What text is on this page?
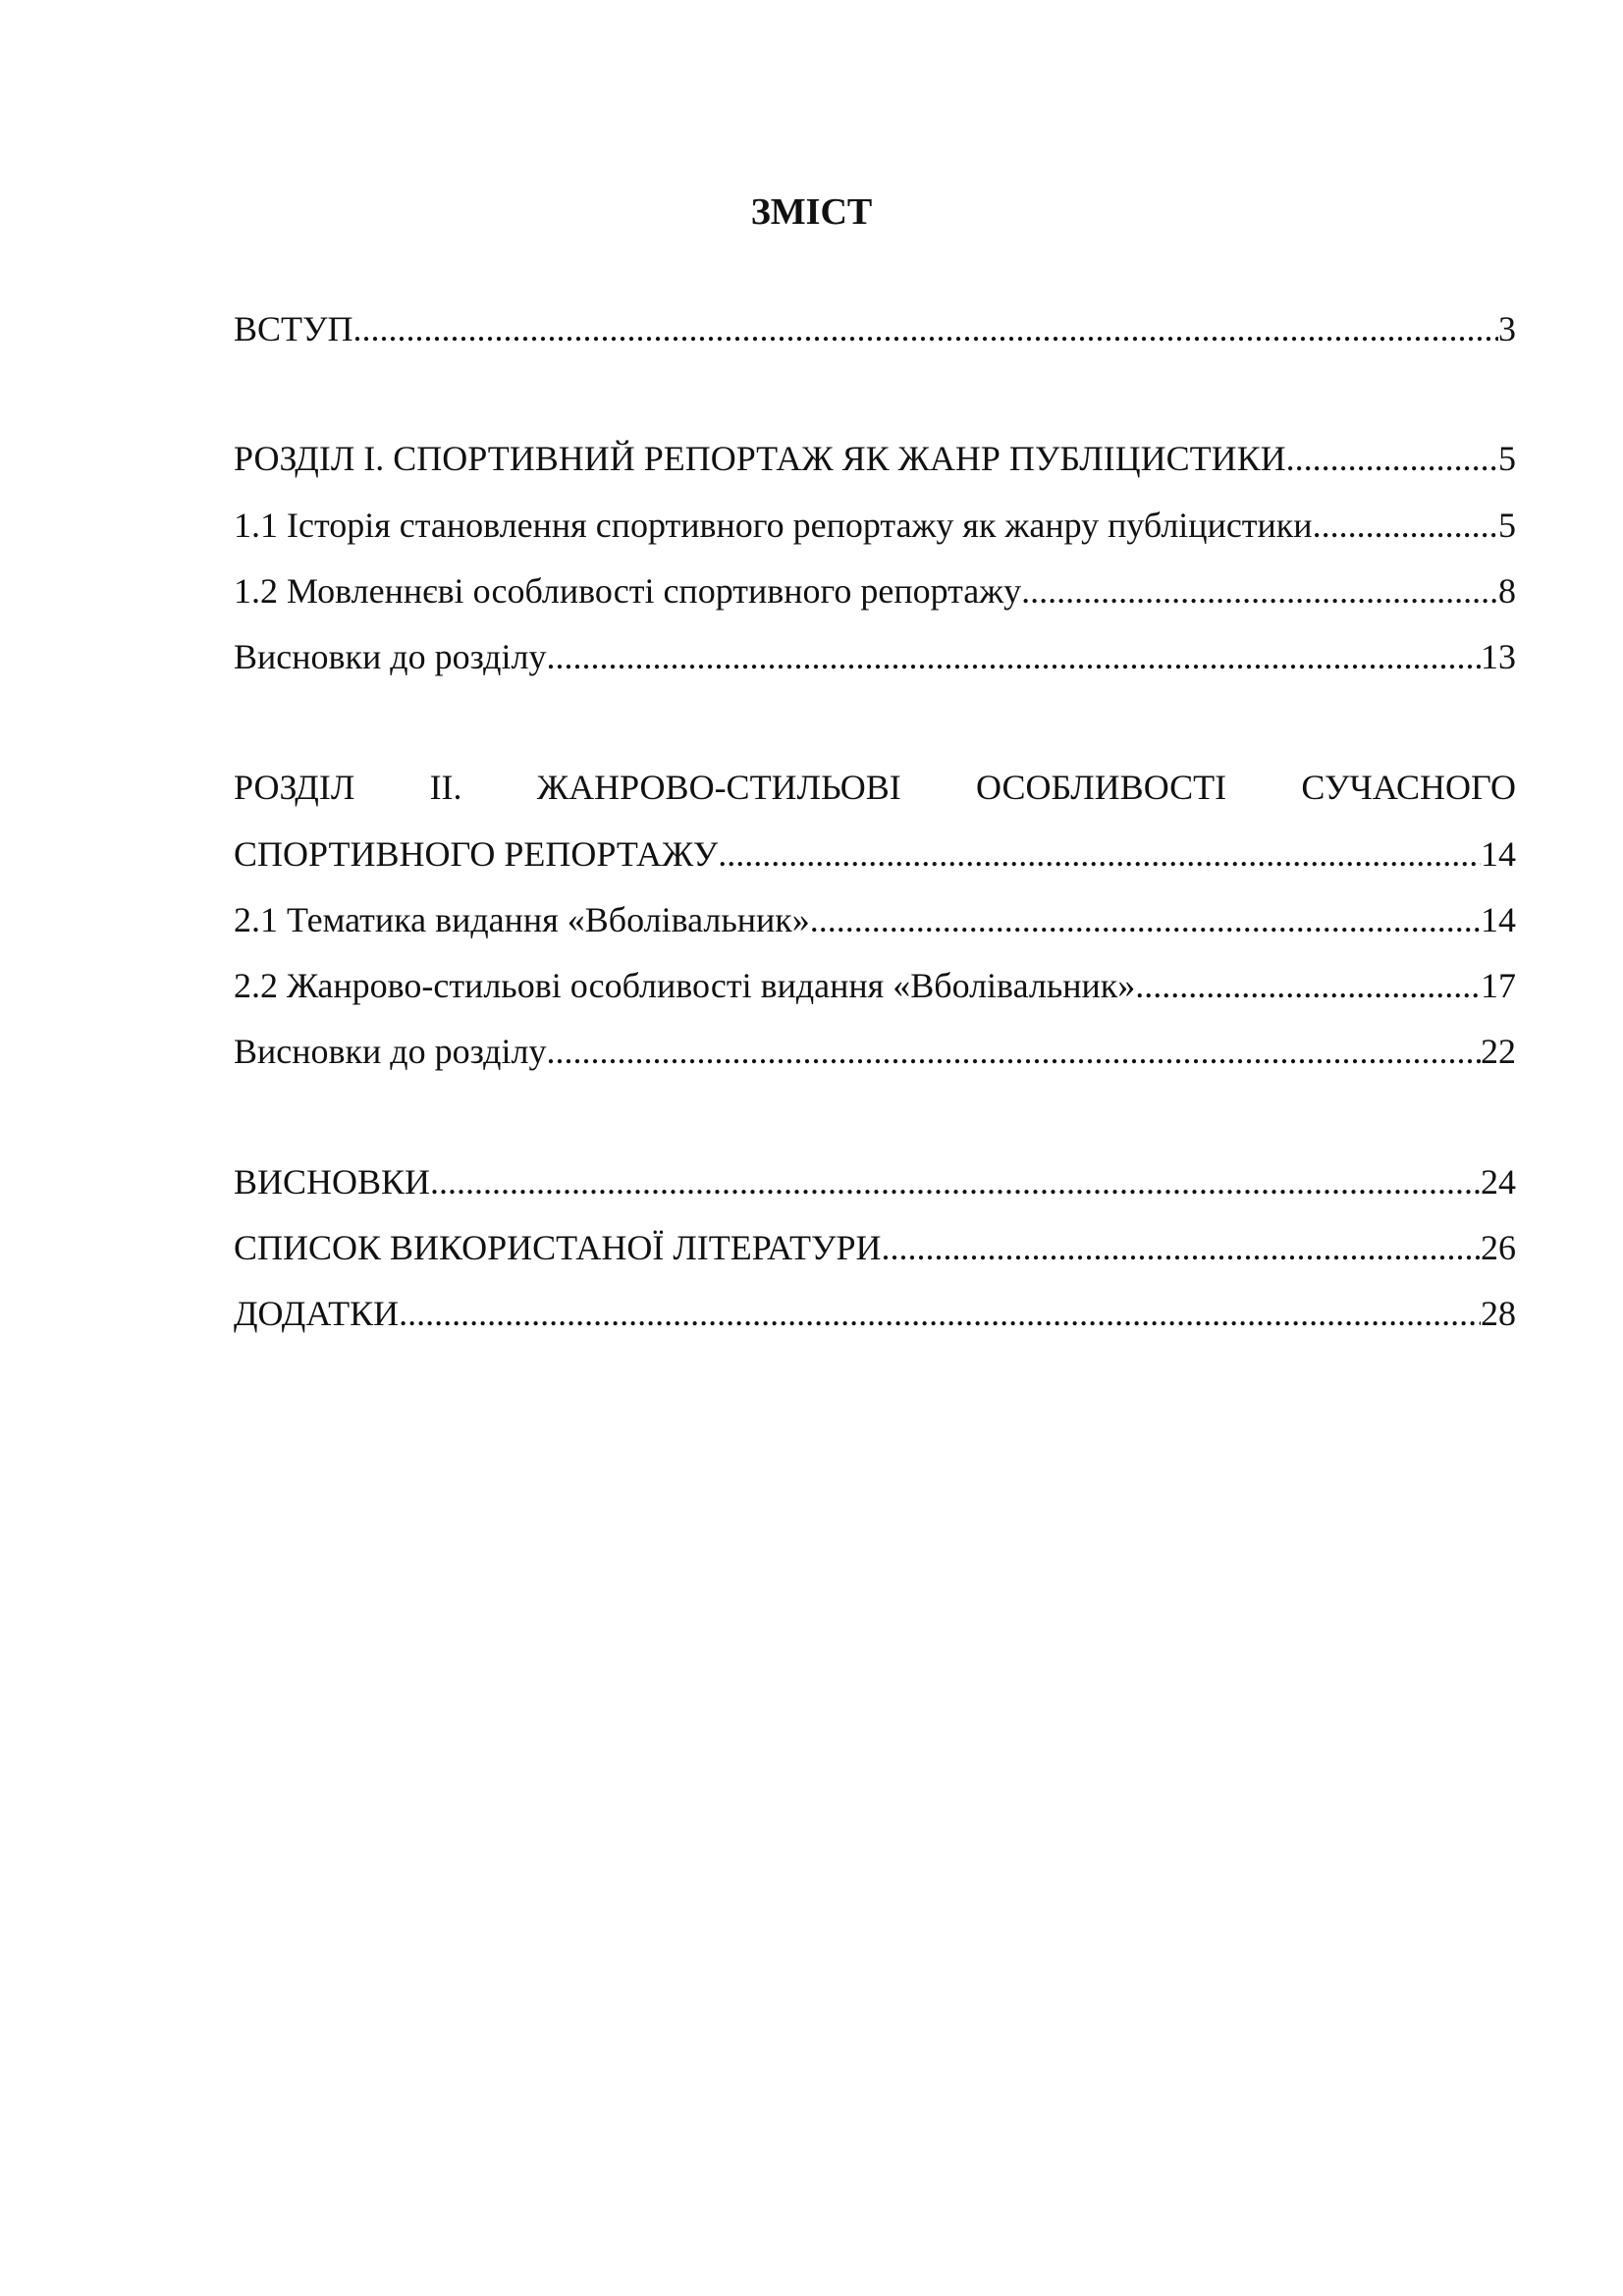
ЗМІСТ
ВСТУП .....	3
РОЗДІЛ І. СПОРТИВНИЙ РЕПОРТАЖ ЯК ЖАНР ПУБЛІЦИСТИКИ .....	5
1.1 Історія становлення спортивного репортажу як жанру публіцистики .....	5
1.2 Мовленнєві особливості спортивного репортажу .....	8
Висновки до розділу .....	13
РОЗДІЛ ІІ. ЖАНРОВО-СТИЛЬОВІ ОСОБЛИВОСТІ СУЧАСНОГО
СПОРТИВНОГО РЕПОРТАЖУ .....	14
2.1 Тематика видання «Вболівальник» .....	14
2.2 Жанрово-стильові особливості видання «Вболівальник» .....	17
Висновки до розділу .....	22
ВИСНОВКИ .....	24
СПИСОК ВИКОРИСТАНОЇ ЛІТЕРАТУРИ .....	26
ДОДАТКИ .....	28
